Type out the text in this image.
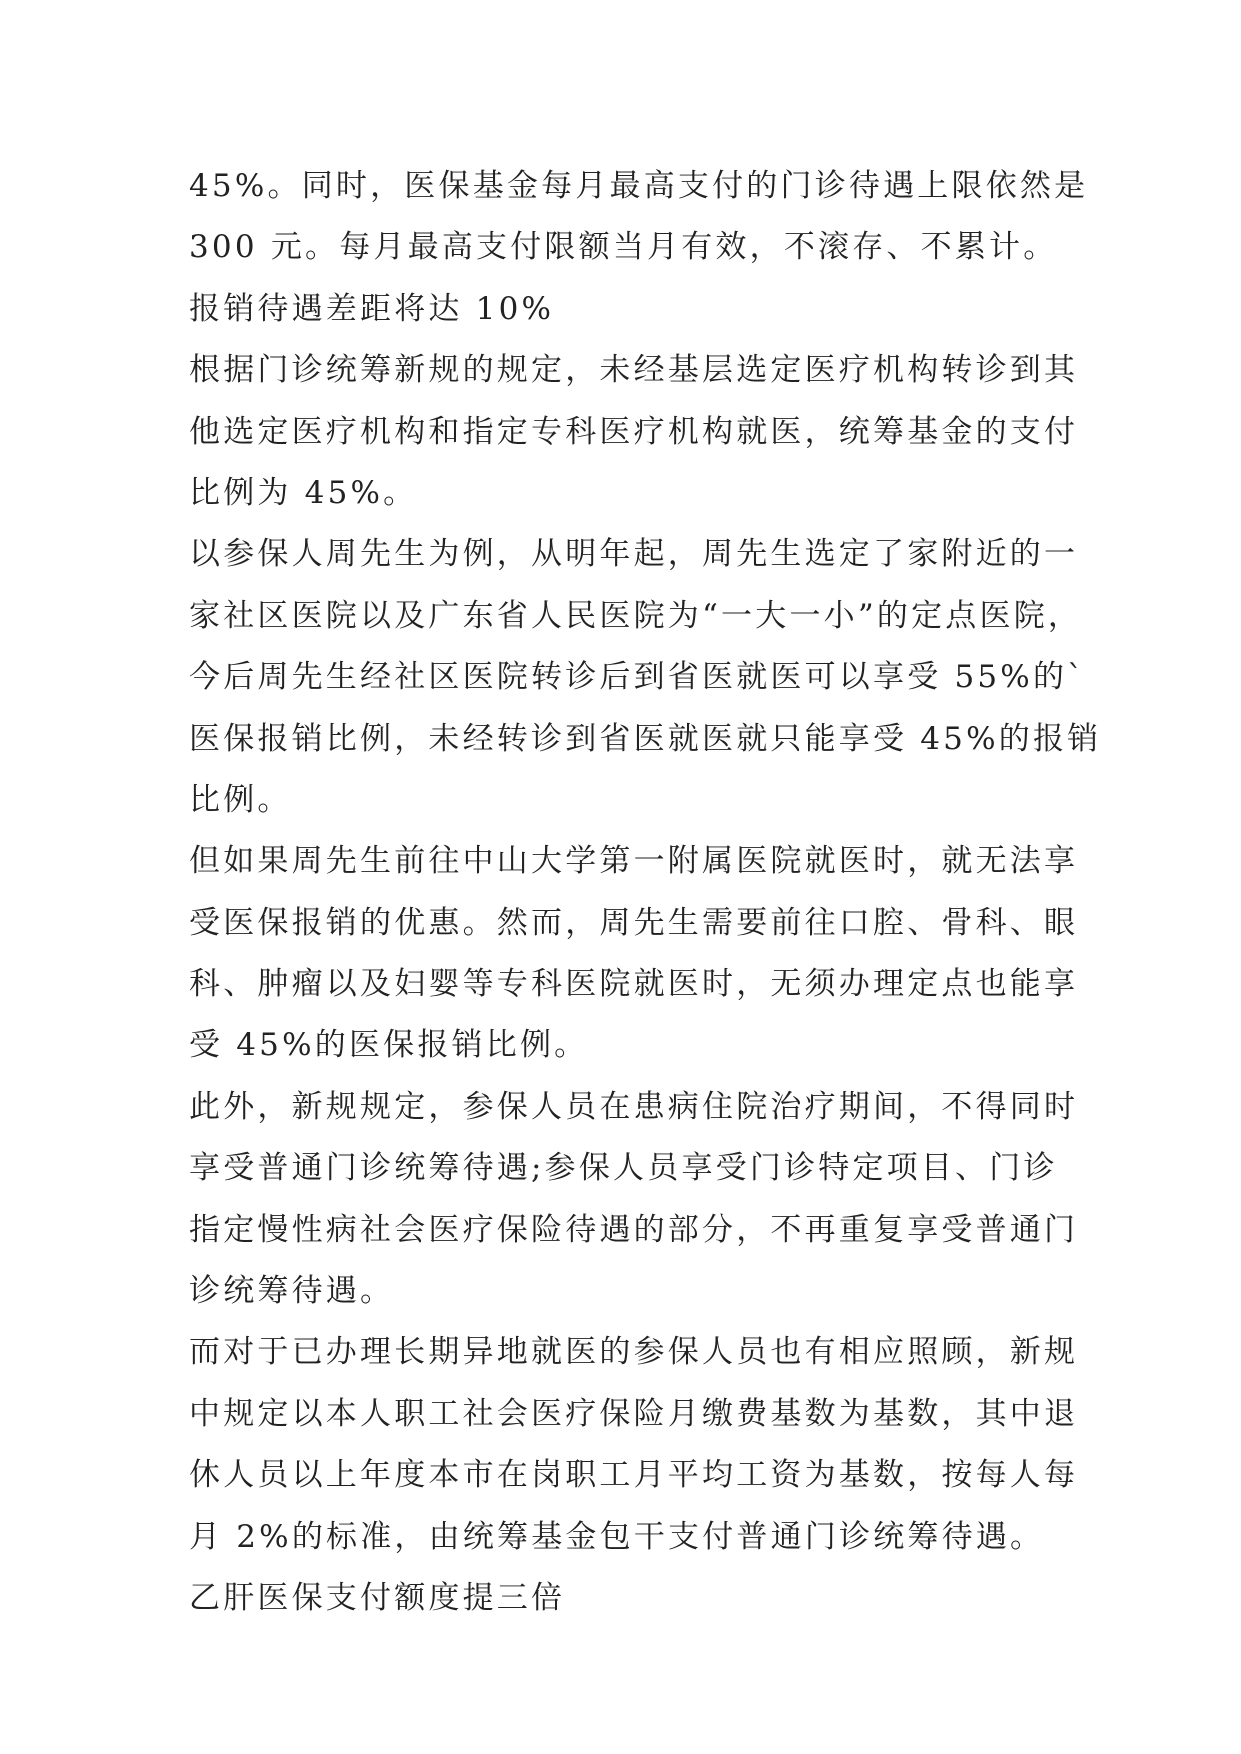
45%。同时，医保基金每月最高支付的门诊待遇上限依然是
300 元。每月最高支付限额当月有效，不滚存、不累计。
报销待遇差距将达 10%
根据门诊统筹新规的规定，未经基层选定医疗机构转诊到其
他选定医疗机构和指定专科医疗机构就医，统筹基金的支付
比例为 45%。
以参保人周先生为例，从明年起，周先生选定了家附近的一
家社区医院以及广东省人民医院为“一大一小”的定点医院，
今后周先生经社区医院转诊后到省医就医可以享受 55%的`
医保报销比例，未经转诊到省医就医就只能享受 45%的报销
比例。
但如果周先生前往中山大学第一附属医院就医时，就无法享
受医保报销的优惠。然而，周先生需要前往口腔、骨科、眼
科、肿瘤以及妇婴等专科医院就医时，无须办理定点也能享
受 45%的医保报销比例。
此外，新规规定，参保人员在患病住院治疗期间，不得同时
享受普通门诊统筹待遇;参保人员享受门诊特定项目、门诊
指定慢性病社会医疗保险待遇的部分，不再重复享受普通门
诊统筹待遇。
而对于已办理长期异地就医的参保人员也有相应照顾，新规
中规定以本人职工社会医疗保险月缴费基数为基数，其中退
休人员以上年度本市在岗职工月平均工资为基数，按每人每
月 2%的标准，由统筹基金包干支付普通门诊统筹待遇。
乙肝医保支付额度提三倍
